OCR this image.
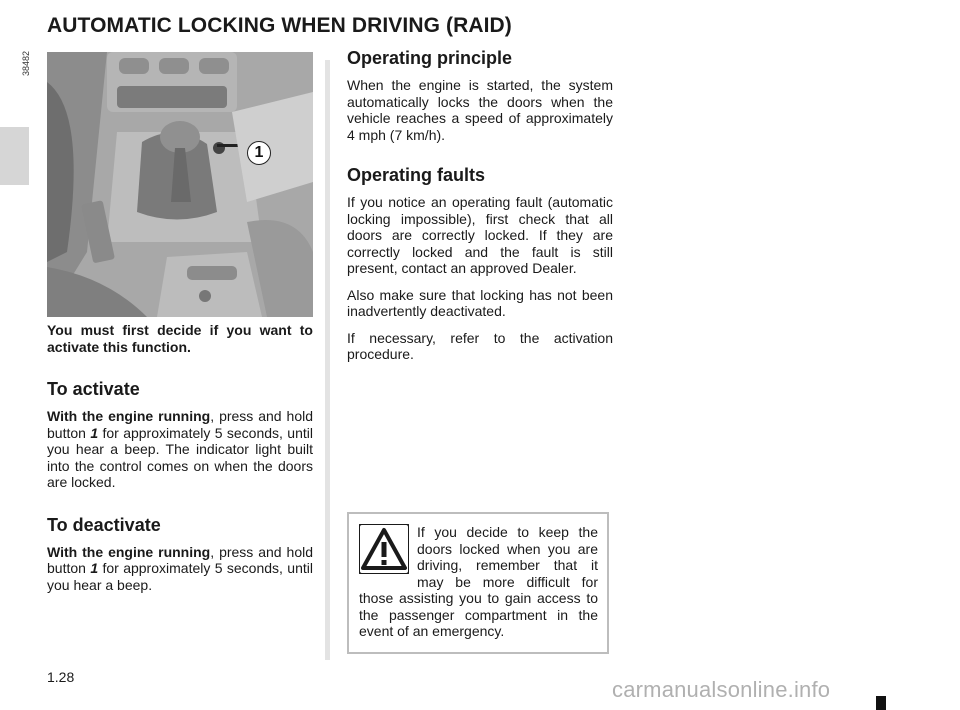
AUTOMATIC LOCKING WHEN DRIVING (RAID)
38482
1

You must first decide if you want to activate this function.

To activate

With the engine running, press and hold button 1 for approximately 5 seconds, until you hear a beep. The indicator light built into the control comes on when the doors are locked.

To deactivate

With the engine running, press and hold button 1 for approximately 5 seconds, until you hear a beep.

Operating principle

When the engine is started, the system automatically locks the doors when the vehicle reaches a speed of approximately 4 mph (7 km/h).

Operating faults

If you notice an operating fault (automatic locking impossible), first check that all doors are correctly locked. If they are correctly locked and the fault is still present, contact an approved Dealer.

Also make sure that locking has not been inadvertently deactivated.

If necessary, refer to the activation procedure.

If you decide to keep the doors locked when you are driving, remember that it may be more difficult for those assisting you to gain access to the passenger compartment in the event of an emergency.

1.28	carmanualsonline.info
